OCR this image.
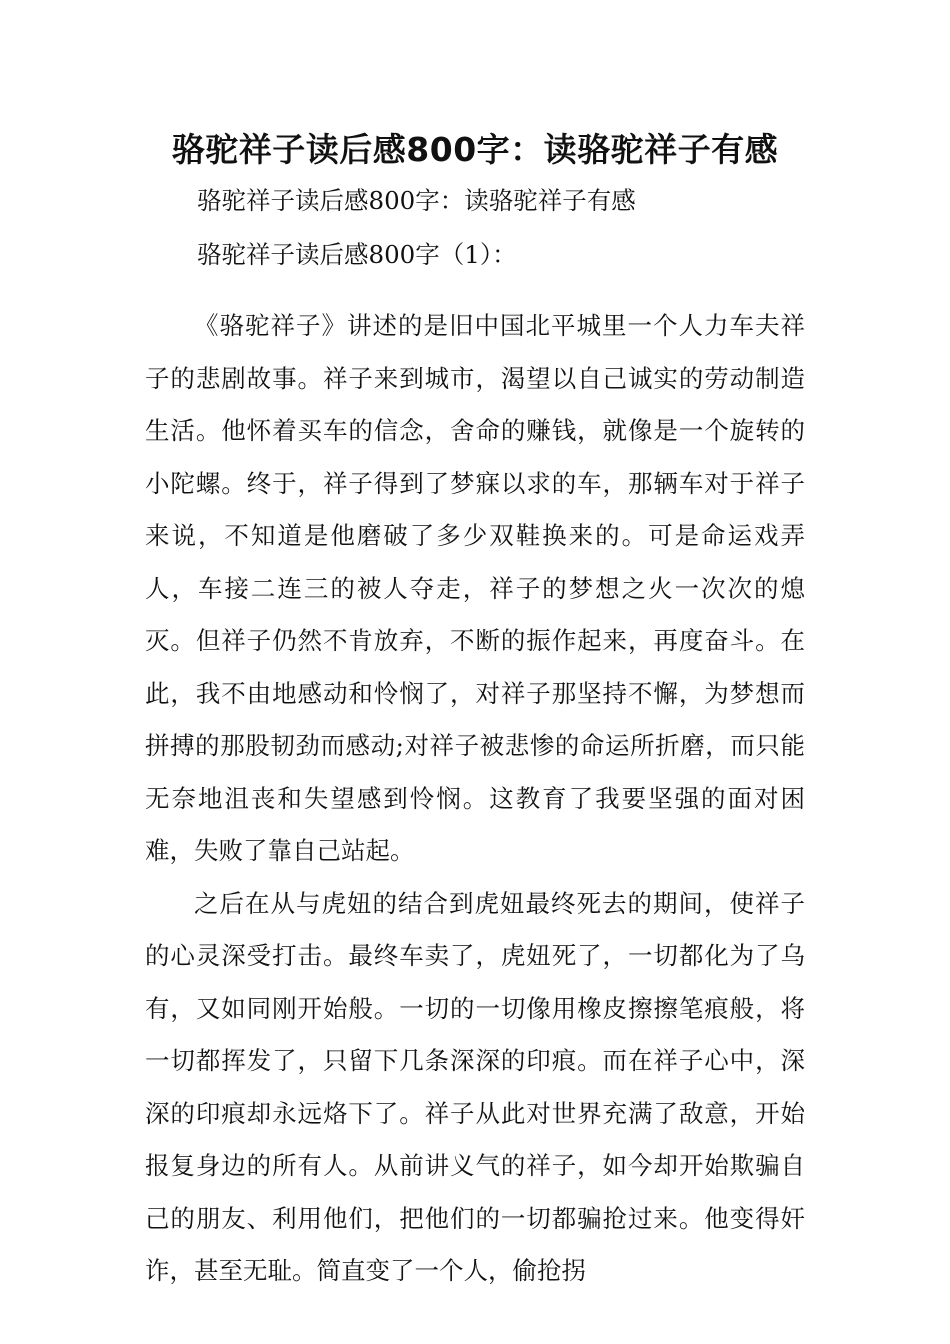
骆驼祥子读后感800字：读骆驼祥子有感
骆驼祥子读后感800字：读骆驼祥子有感
骆驼祥子读后感800字（1）：

《骆驼祥子》讲述的是旧中国北平城里一个人力车夫祥子的悲剧故事。祥子来到城市，渴望以自己诚实的劳动制造生活。他怀着买车的信念，舍命的赚钱，就像是一个旋转的小陀螺。终于，祥子得到了梦寐以求的车，那辆车对于祥子来说，不知道是他磨破了多少双鞋换来的。可是命运戏弄人，车接二连三的被人夺走，祥子的梦想之火一次次的熄灭。但祥子仍然不肯放弃，不断的振作起来，再度奋斗。在此，我不由地感动和怜悯了，对祥子那坚持不懈，为梦想而拼搏的那股韧劲而感动;对祥子被悲惨的命运所折磨，而只能无奈地沮丧和失望感到怜悯。这教育了我要坚强的面对困难，失败了靠自己站起。

之后在从与虎妞的结合到虎妞最终死去的期间，使祥子的心灵深受打击。最终车卖了，虎妞死了，一切都化为了乌有，又如同刚开始般。一切的一切像用橡皮擦擦笔痕般，将一切都挥发了，只留下几条深深的印痕。而在祥子心中，深深的印痕却永远烙下了。祥子从此对世界充满了敌意，开始报复身边的所有人。从前讲义气的祥子，如今却开始欺骗自己的朋友、利用他们，把他们的一切都骗抢过来。他变得奸诈，甚至无耻。简直变了一个人，偷抢拐
